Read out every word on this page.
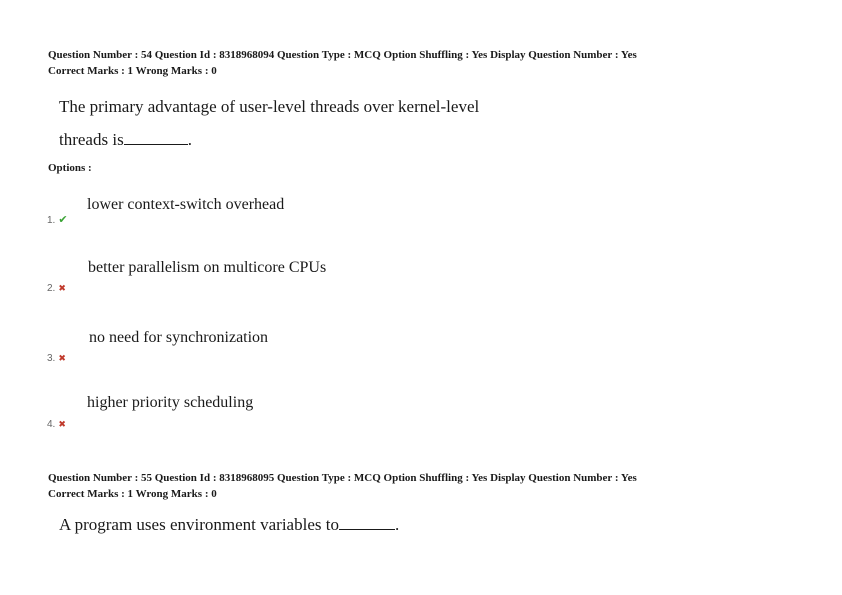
Question Number : 54 Question Id : 8318968094 Question Type : MCQ Option Shuffling : Yes Display Question Number : Yes
Correct Marks : 1 Wrong Marks : 0
The primary advantage of user-level threads over kernel-level
threads is	.
Options :
lower context-switch overhead
1. ✔
better parallelism on multicore CPUs
2. ✖
no need for synchronization
3. ✖
higher priority scheduling
4. ✖
Question Number : 55 Question Id : 8318968095 Question Type : MCQ Option Shuffling : Yes Display Question Number : Yes
Correct Marks : 1 Wrong Marks : 0
A program uses environment variables to	.
